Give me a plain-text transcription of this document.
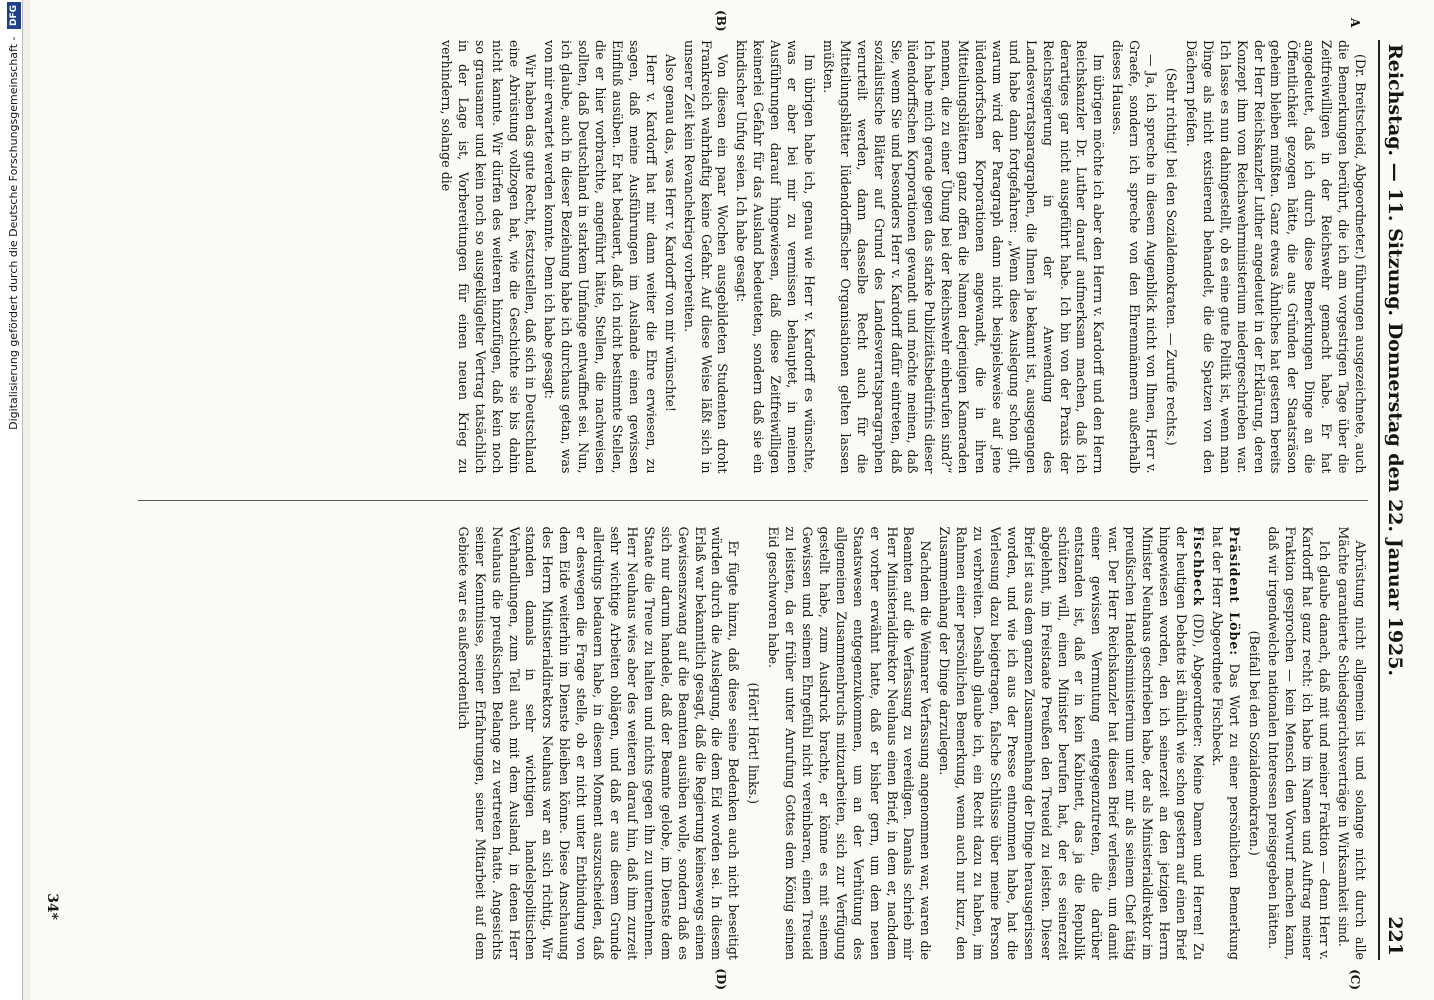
Digitalisierung gefördert durch die Deutsche Forschungsgemeinschaft - DFG
Reichstag. — 11. Sitzung. Donnerstag den 22. Januar 1925.
221
A
(B)
(C)
(D)

(Dr. Breitscheid, Abgeordneter.) führungen ausgezeichnete, auch die Bemerkungen berührt, die ich am vorgestrigen Tage über die Zeitfreiwilligen in der Reichswehr gemacht habe. Er hat angedeutet, daß ich durch diese Bemerkungen Dinge an die Öffentlichkeit gezogen hätte, die aus Gründen der Staatsräson geheim bleiben müßten. Ganz etwas Ähnliches hat gestern bereits der Herr Reichskanzler Luther angedeutet in der Erklärung, deren Konzept ihm vom Reichswehrministerium niedergeschrieben war. Ich lasse es nun dahingestellt, ob es eine gute Politik ist, wenn man Dinge als nicht existierend behandelt, die die Spatzen von den Dächern pfeifen.

(Sehr richtig! bei den Sozialdemokraten. — Zurufe rechts.)

— Ja, ich spreche in diesem Augenblick nicht von Ihnen, Herr v. Graefe, sondern ich spreche von den Ehrenmännern außerhalb dieses Hauses.

Im übrigen möchte ich aber den Herrn v. Kardorff und den Herrn Reichskanzler Dr. Luther darauf aufmerksam machen, daß ich derartiges gar nicht ausgeführt habe. Ich bin von der Praxis der Reichsregierung in der Anwendung des Landesverratsparagraphen, die Ihnen ja bekannt ist, ausgegangen und habe dann fortgefahren: „Wenn diese Auslegung schon gilt, warum wird der Paragraph dann nicht beispielsweise auf jene lüdendorfschen Korporationen angewandt, die in ihren Mitteilungsblättern ganz offen die Namen derjenigen Kameraden nennen, die zu einer Übung bei der Reichswehr einberufen sind?“ Ich habe mich gerade gegen das starke Publizitätsbedürfnis dieser lüdendorffschen Korporationen gewandt und möchte meinen, daß Sie, wenn Sie und besonders Herr v. Kardorff dafür eintreten, daß sozialistische Blätter auf Grund des Landesverratsparagraphen verurteilt werden, dann dasselbe Recht auch für die Mitteilungsblätter lüdendorffischer Organisationen gelten lassen müßten.

Im übrigen habe ich, genau wie Herr v. Kardorff es wünschte, was er aber bei mir zu vermissen behauptet, in meinen Ausführungen darauf hingewiesen, daß diese Zeitfreiwilligen keinerlei Gefahr für das Ausland bedeuteten, sondern daß sie ein kindischer Unfug seien. Ich habe gesagt:

Von diesen ein paar Wochen ausgebildeten Studenten droht Frankreich wahrhaftig keine Gefahr. Auf diese Weise läßt sich in unserer Zeit kein Revanchekrieg vorbereiten.

Also genau das, was Herr v. Kardorff von mir wünschte!

Herr v. Kardorff hat mir dann weiter die Ehre erwiesen, zu sagen, daß meine Ausführungen im Auslande einen gewissen Einfluß ausüben. Er hat bedauert, daß ich nicht bestimmte Stellen, die er hier vorbrachte, angeführt hätte, Stellen, die nachweisen sollten, daß Deutschland in starkem Umfange entwaffnet sei. Nun, ich glaube, auch in dieser Beziehung habe ich durchaus getan, was von mir erwartet werden konnte. Denn ich habe gesagt:

Wir haben das gute Recht, festzustellen, daß sich in Deutschland eine Abrüstung vollzogen hat, wie die Geschichte sie bis dahin nicht kannte. Wir dürfen des weiteren hinzufügen, daß kein noch so grausamer und kein noch so ausgeklügelter Vertrag tatsächlich in der Lage ist, Vorbereitungen für einen neuen Krieg zu verhindern, solange die

Abrüstung nicht allgemein ist und solange nicht durch alle Mächte garantierte Schiedsgerichtsverträge in Wirksamkeit sind.

Ich glaube danach, daß mit und meiner Fraktion — denn Herr v. Kardorff hat ganz recht: ich habe im Namen und Auftrag meiner Fraktion gesprochen — kein Mensch den Vorwurf machen kann, daß wir irgendwelche nationalen Interessen preisgegeben hätten.

(Beifall bei den Sozialdemokraten.)

Präsident Löbe: Das Wort zu einer persönlichen Bemerkung hat der Herr Abgeordnete Fischbeck.

Fischbeck (DD), Abgeordneter: Meine Damen und Herren! Zu der heutigen Debatte ist ähnlich wie schon gestern auf einen Brief hingewiesen worden, den ich seinerzeit an den jetzigen Herrn Minister Neuhaus geschrieben habe, der als Ministerialdirektor im preußischen Handelsministerium unter mir als seinem Chef tätig war. Der Herr Reichskanzler hat diesen Brief verlesen, um damit einer gewissen Vermutung entgegenzutreten, die darüber entstanden ist, daß er in kein Kabinett, das ja die Republik schützen will, einen Minister berufen hat, der es seinerzeit abgelehnt, im Freistaate Preußen den Treueid zu leisten. Dieser Brief ist aus dem ganzen Zusammenhang der Dinge herausgerissen worden, und wie ich aus der Presse entnommen habe, hat die Verlesung dazu beigetragen, falsche Schlüsse über meine Person zu verbreiten. Deshalb glaube ich, ein Recht dazu zu haben, im Rahmen einer persönlichen Bemerkung, wenn auch nur kurz, den Zusammenhang der Dinge darzulegen.

Nachdem die Weimarer Verfassung angenommen war, waren die Beamten auf die Verfassung zu vereidigen. Damals schrieb mir Herr Ministerialdirektor Neuhaus einen Brief, in dem er, nachdem er vorher erwähnt hatte, daß er bisher gern, um dem neuen Staatswesen entgegenzukommen, um an der Verhütung des allgemeinen Zusammenbruchs mitzuarbeiten, sich zur Verfügung gestellt habe, zum Ausdruck brachte, er könne es mit seinem Gewissen und seinem Ehrgefühl nicht vereinbaren, einen Treueid zu leisten, da er früher unter Anrufung Gottes dem König seinen Eid geschworen habe.

(Hört! Hört! links.)

Er fügte hinzu, daß diese seine Bedenken auch nicht beseitigt würden durch die Auslegung, die dem Eid worden sei. In diesem Erlaß war bekanntlich gesagt, daß die Regierung keineswegs einen Gewissenszwang auf die Beamten ausüben wolle, sondern daß es sich nur darum handele, daß der Beamte gelobe, im Dienste dem Staate die Treue zu halten und nichts gegen ihn zu unternehmen. Herr Neuhaus wies aber des weiteren darauf hin, daß ihm zurzeit sehr wichtige Arbeiten oblägen, und daß er aus diesem Grunde allerdings bedauern habe, in diesem Moment auszuscheiden, daß er deswegen die Frage stelle, ob er nicht unter Entbindung von dem Eide weiterhin im Dienste bleiben könne. Diese Anschauung des Herrn Ministerialdirektors Neuhaus war an sich richtig. Wir standen damals in sehr wichtigen handelspolitischen Verhandlungen, zum Teil auch mit dem Ausland, in denen Herr Neuhaus die preußischen Belange zu vertreten hatte. Angesichts seiner Kenntnisse, seiner Erfahrungen, seiner Mitarbeit auf dem Gebiete war es außerordentlich

34*
